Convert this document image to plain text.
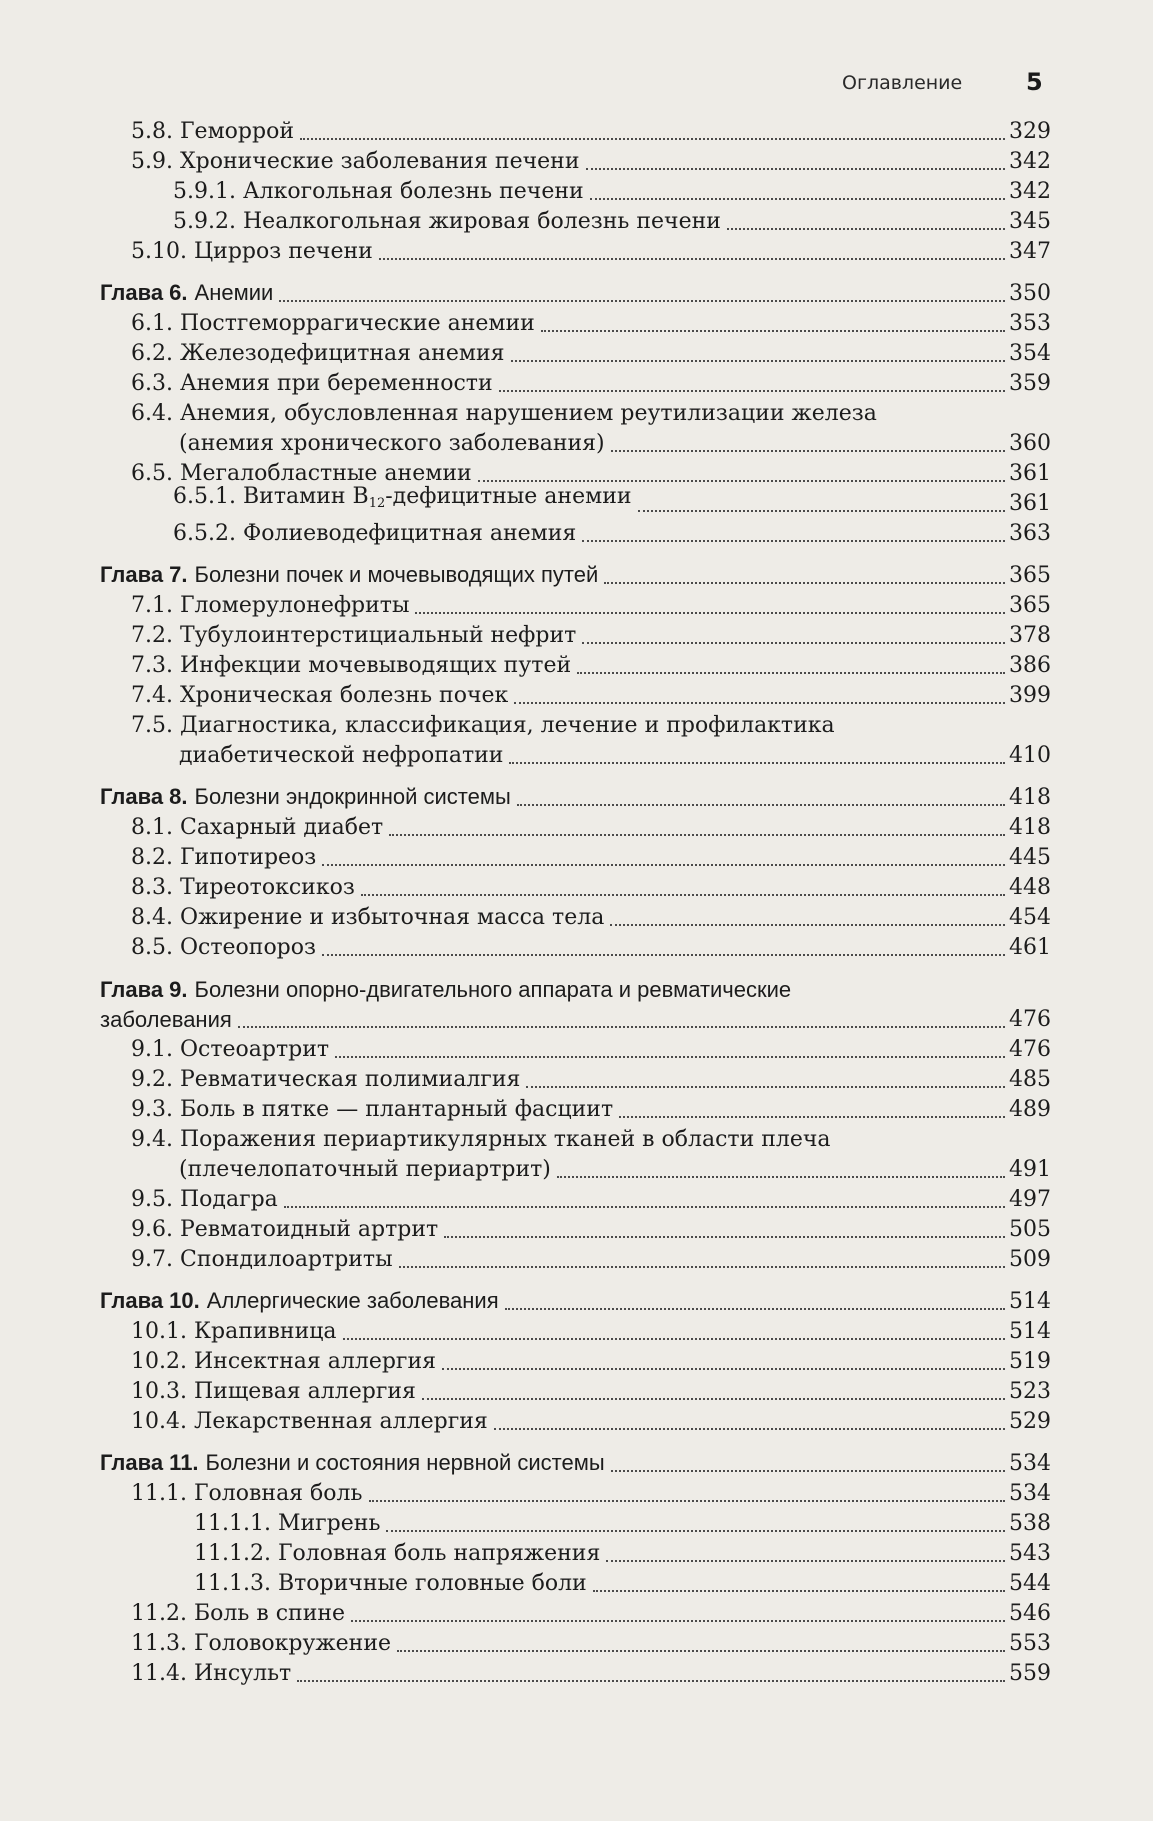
Оглавление	5
5.8. Геморрой	329
5.9. Хронические заболевания печени	342
5.9.1. Алкогольная болезнь печени	342
5.9.2. Неалкогольная жировая болезнь печени	345
5.10. Цирроз печени	347
Глава 6. Анемии	350
6.1. Постгеморрагические анемии	353
6.2. Железодефицитная анемия	354
6.3. Анемия при беременности	359
6.4. Анемия, обусловленная нарушением реутилизации железа
(анемия хронического заболевания)	360
6.5. Мегалобластные анемии	361
6.5.1. Витамин $B_{12}$-дефицитные анемии	361
6.5.2. Фолиеводефицитная анемия	363
Глава 7. Болезни почек и мочевыводящих путей	365
7.1. Гломерулонефриты	365
7.2. Тубулоинтерстициальный нефрит	378
7.3. Инфекции мочевыводящих путей	386
7.4. Хроническая болезнь почек	399
7.5. Диагностика, классификация, лечение и профилактика
диабетической нефропатии	410
Глава 8. Болезни эндокринной системы	418
8.1. Сахарный диабет	418
8.2. Гипотиреоз	445
8.3. Тиреотоксикоз	448
8.4. Ожирение и избыточная масса тела	454
8.5. Остеопороз	461
Глава 9. Болезни опорно-двигательного аппарата и ревматические
заболевания	476
9.1. Остеоартрит	476
9.2. Ревматическая полимиалгия	485
9.3. Боль в пятке — плантарный фасциит	489
9.4. Поражения периартикулярных тканей в области плеча
(плечелопаточный периартрит)	491
9.5. Подагра	497
9.6. Ревматоидный артрит	505
9.7. Спондилоартриты	509
Глава 10. Аллергические заболевания	514
10.1. Крапивница	514
10.2. Инсектная аллергия	519
10.3. Пищевая аллергия	523
10.4. Лекарственная аллергия	529
Глава 11. Болезни и состояния нервной системы	534
11.1. Головная боль	534
11.1.1. Мигрень	538
11.1.2. Головная боль напряжения	543
11.1.3. Вторичные головные боли	544
11.2. Боль в спине	546
11.3. Головокружение	553
11.4. Инсульт	559
